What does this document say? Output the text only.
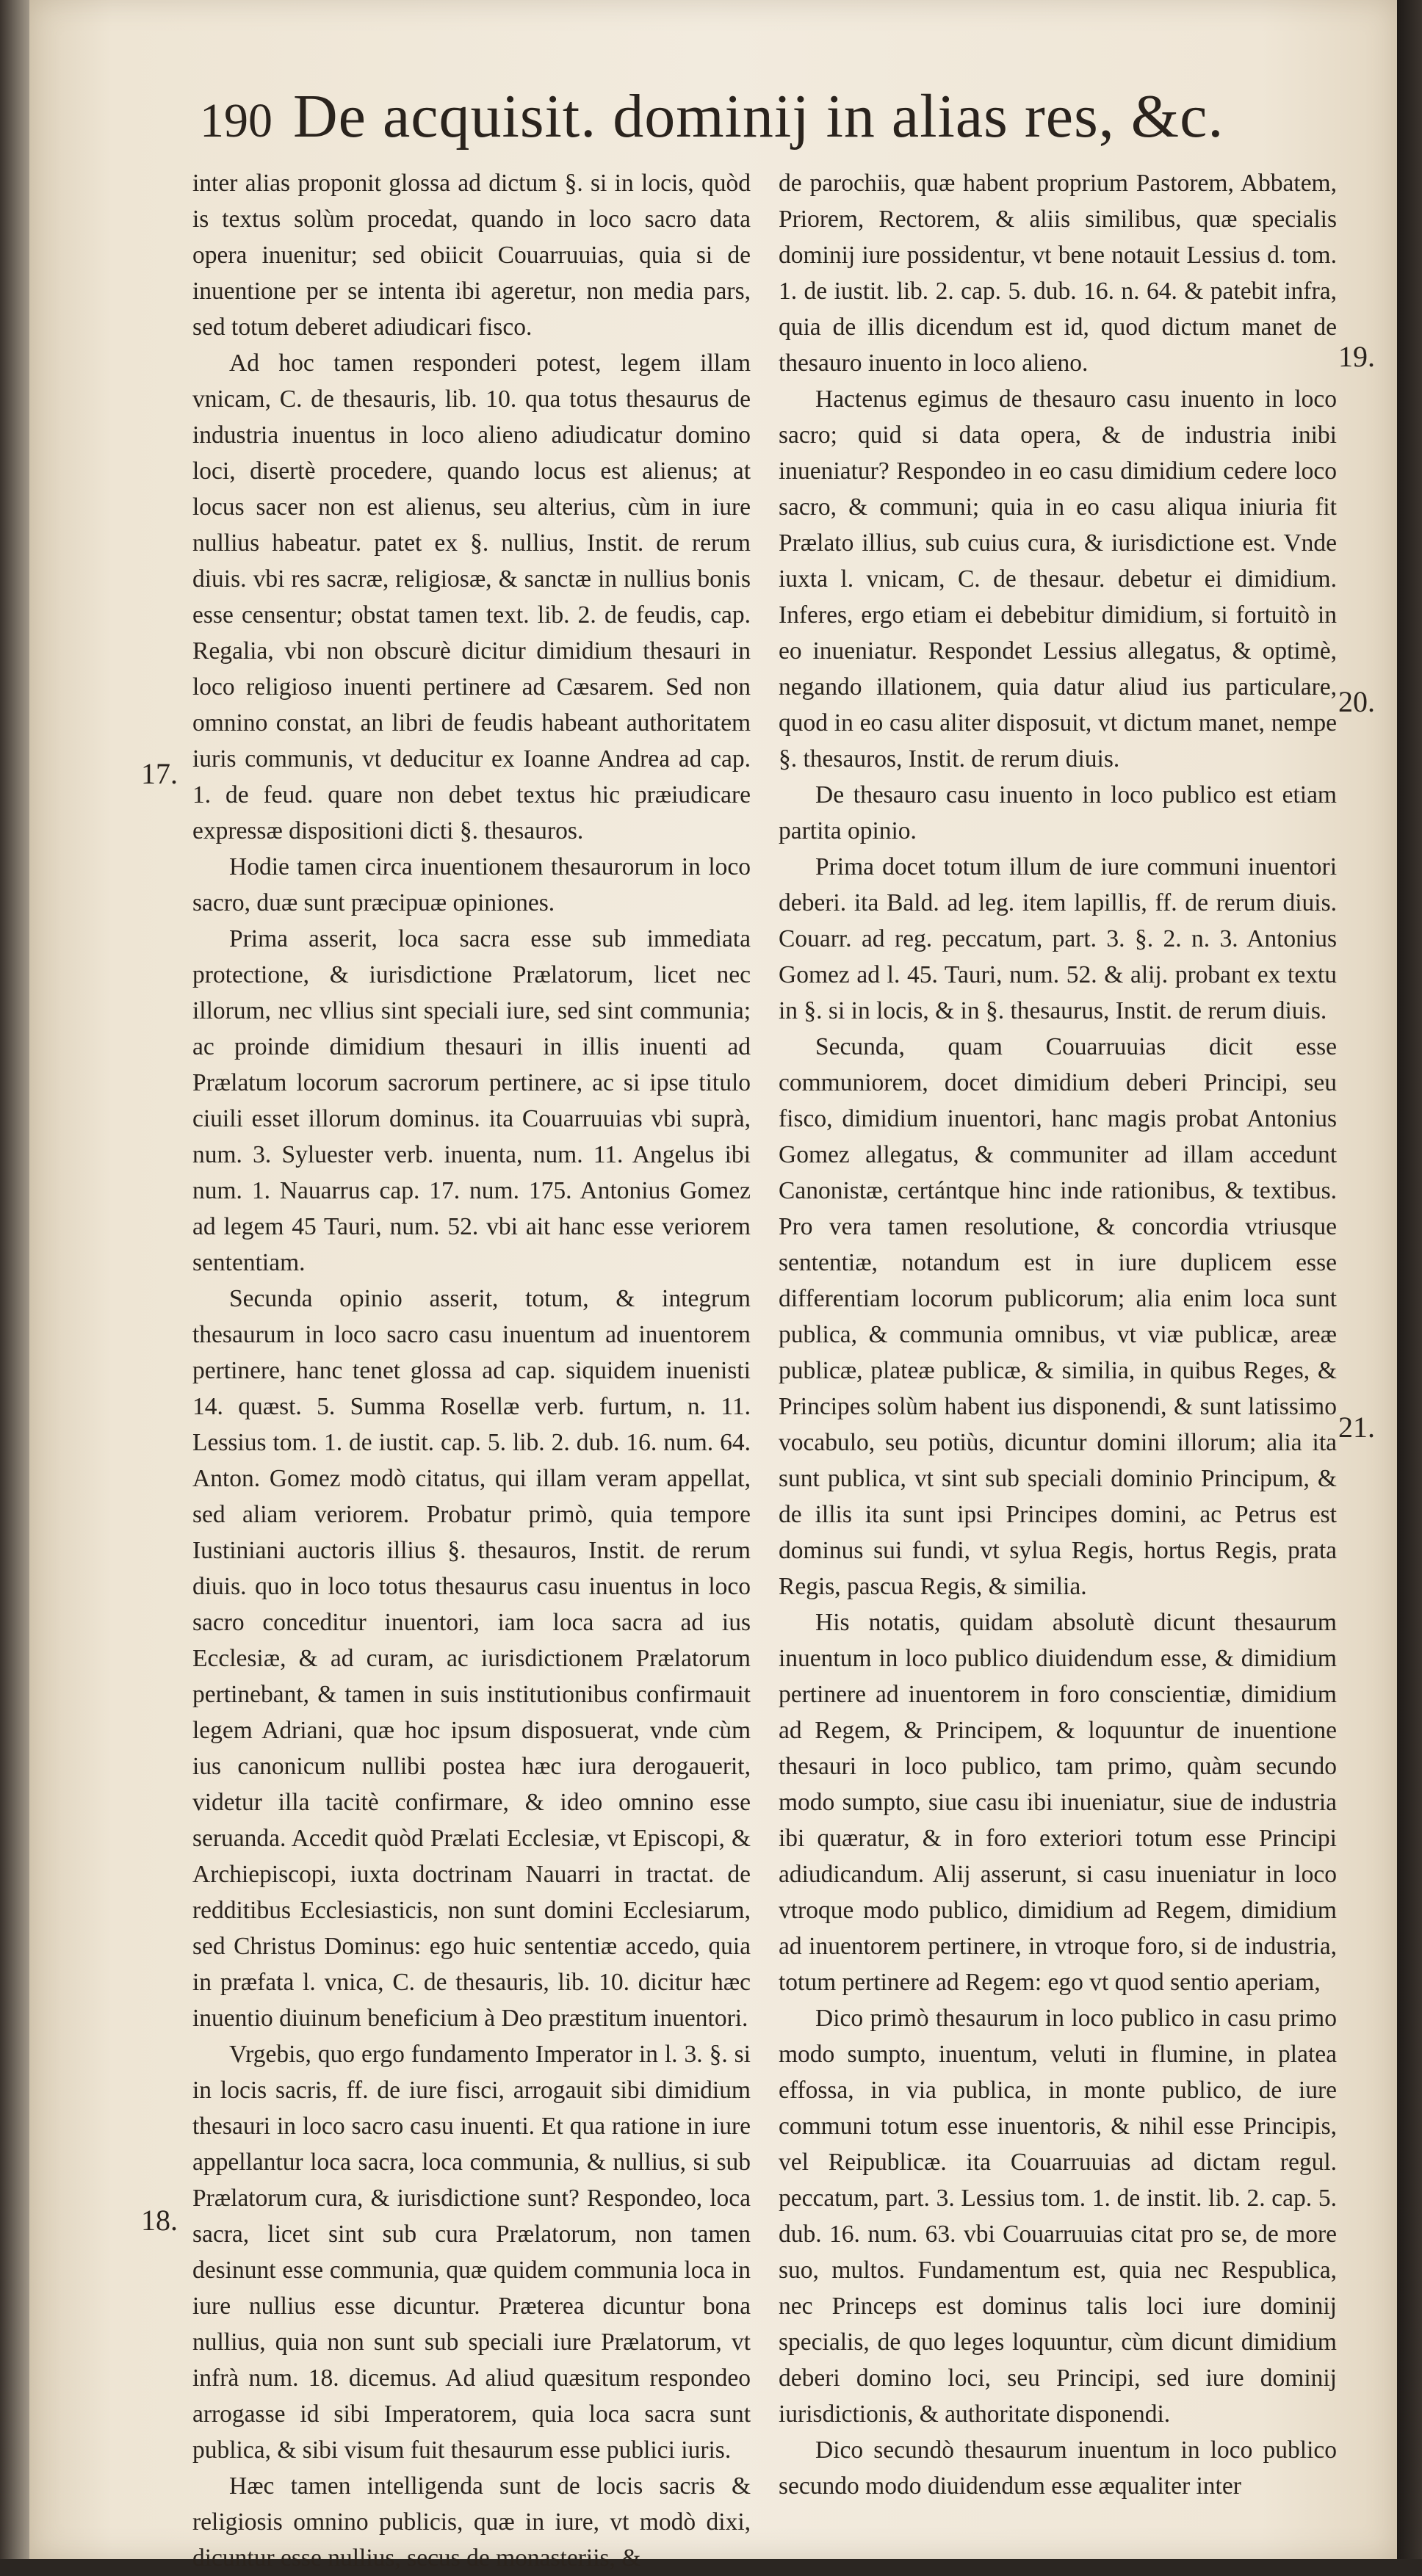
190 De acquisit. dominij in alias res, &c.

inter alias proponit glossa ad dictum §. si in locis, quòd is textus solùm procedat, quando in loco sacro data opera inuenitur; sed obiicit Couarruuias, quia si de inuentione per se intenta ibi ageretur, non media pars, sed totum deberet adiudicari fisco.

Ad hoc tamen responderi potest, legem illam vnicam, C. de thesauris, lib. 10. qua totus thesaurus de industria inuentus in loco alieno adiudicatur domino loci, disertè procedere, quando locus est alienus; at locus sacer non est alienus, seu alterius, cùm in iure nullius habeatur. patet ex §. nullius, Instit. de rerum diuis. vbi res sacræ, religiosæ, & sanctæ in nullius bonis esse censentur; obstat tamen text. lib. 2. de feudis, cap. Regalia, vbi non obscurè dicitur dimidium thesauri in loco religioso inuenti pertinere ad Cæsarem. Sed non omnino constat, an libri de feudis habeant authoritatem iuris communis, vt deducitur ex Ioanne Andrea ad cap. 1. de feud. quare non debet textus hic præiudicare expressæ dispositioni dicti §. thesauros.

Hodie tamen circa inuentionem thesaurorum in loco sacro, duæ sunt præcipuæ opiniones.

Prima asserit, loca sacra esse sub immediata protectione, & iurisdictione Prælatorum, licet nec illorum, nec vllius sint speciali iure, sed sint communia; ac proinde dimidium thesauri in illis inuenti ad Prælatum locorum sacrorum pertinere, ac si ipse titulo ciuili esset illorum dominus. ita Couarruuias vbi suprà, num. 3. Syluester verb. inuenta, num. 11. Angelus ibi num. 1. Nauarrus cap. 17. num. 175. Antonius Gomez ad legem 45 Tauri, num. 52. vbi ait hanc esse veriorem sententiam.

Secunda opinio asserit, totum, & integrum thesaurum in loco sacro casu inuentum ad inuentorem pertinere, hanc tenet glossa ad cap. siquidem inuenisti 14. quæst. 5. Summa Rosellæ verb. furtum, n. 11. Lessius tom. 1. de iustit. cap. 5. lib. 2. dub. 16. num. 64. Anton. Gomez modò citatus, qui illam veram appellat, sed aliam veriorem. Probatur primò, quia tempore Iustiniani auctoris illius §. thesauros, Instit. de rerum diuis. quo in loco totus thesaurus casu inuentus in loco sacro conceditur inuentori, iam loca sacra ad ius Ecclesiæ, & ad curam, ac iurisdictionem Prælatorum pertinebant, & tamen in suis institutionibus confirmauit legem Adriani, quæ hoc ipsum disposuerat, vnde cùm ius canonicum nullibi postea hæc iura derogauerit, videtur illa tacitè confirmare, & ideo omnino esse seruanda. Accedit quòd Prælati Ecclesiæ, vt Episcopi, & Archiepiscopi, iuxta doctrinam Nauarri in tractat. de redditibus Ecclesiasticis, non sunt domini Ecclesiarum, sed Christus Dominus: ego huic sententiæ accedo, quia in præfata l. vnica, C. de thesauris, lib. 10. dicitur hæc inuentio diuinum beneficium à Deo præstitum inuentori.

Vrgebis, quo ergo fundamento Imperator in l. 3. §. si in locis sacris, ff. de iure fisci, arrogauit sibi dimidium thesauri in loco sacro casu inuenti. Et qua ratione in iure appellantur loca sacra, loca communia, & nullius, si sub Prælatorum cura, & iurisdictione sunt? Respondeo, loca sacra, licet sint sub cura Prælatorum, non tamen desinunt esse communia, quæ quidem communia loca in iure nullius esse dicuntur. Præterea dicuntur bona nullius, quia non sunt sub speciali iure Prælatorum, vt infrà num. 18. dicemus. Ad aliud quæsitum respondeo arrogasse id sibi Imperatorem, quia loca sacra sunt publica, & sibi visum fuit thesaurum esse publici iuris.

Hæc tamen intelligenda sunt de locis sacris & religiosis omnino publicis, quæ in iure, vt modò dixi, dicuntur esse nullius, secus de monasteriis, &

de parochiis, quæ habent proprium Pastorem, Abbatem, Priorem, Rectorem, & aliis similibus, quæ specialis dominij iure possidentur, vt bene notauit Lessius d. tom. 1. de iustit. lib. 2. cap. 5. dub. 16. n. 64. & patebit infra, quia de illis dicendum est id, quod dictum manet de thesauro inuento in loco alieno.

Hactenus egimus de thesauro casu inuento in loco sacro; quid si data opera, & de industria inibi inueniatur? Respondeo in eo casu dimidium cedere loco sacro, & communi; quia in eo casu aliqua iniuria fit Prælato illius, sub cuius cura, & iurisdictione est. Vnde iuxta l. vnicam, C. de thesaur. debetur ei dimidium. Inferes, ergo etiam ei debebitur dimidium, si fortuitò in eo inueniatur. Respondet Lessius allegatus, & optimè, negando illationem, quia datur aliud ius particulare, quod in eo casu aliter disposuit, vt dictum manet, nempe §. thesauros, Instit. de rerum diuis.

De thesauro casu inuento in loco publico est etiam partita opinio.

Prima docet totum illum de iure communi inuentori deberi. ita Bald. ad leg. item lapillis, ff. de rerum diuis. Couarr. ad reg. peccatum, part. 3. §. 2. n. 3. Antonius Gomez ad l. 45. Tauri, num. 52. & alij. probant ex textu in §. si in locis, & in §. thesaurus, Instit. de rerum diuis.

Secunda, quam Couarruuias dicit esse communiorem, docet dimidium deberi Principi, seu fisco, dimidium inuentori, hanc magis probat Antonius Gomez allegatus, & communiter ad illam accedunt Canonistæ, certántque hinc inde rationibus, & textibus. Pro vera tamen resolutione, & concordia vtriusque sententiæ, notandum est in iure duplicem esse differentiam locorum publicorum; alia enim loca sunt publica, & communia omnibus, vt viæ publicæ, areæ publicæ, plateæ publicæ, & similia, in quibus Reges, & Principes solùm habent ius disponendi, & sunt latissimo vocabulo, seu potiùs, dicuntur domini illorum; alia ita sunt publica, vt sint sub speciali dominio Principum, & de illis ita sunt ipsi Principes domini, ac Petrus est dominus sui fundi, vt sylua Regis, hortus Regis, prata Regis, pascua Regis, & similia.

His notatis, quidam absolutè dicunt thesaurum inuentum in loco publico diuidendum esse, & dimidium pertinere ad inuentorem in foro conscientiæ, dimidium ad Regem, & Principem, & loquuntur de inuentione thesauri in loco publico, tam primo, quàm secundo modo sumpto, siue casu ibi inueniatur, siue de industria ibi quæratur, & in foro exteriori totum esse Principi adiudicandum. Alij asserunt, si casu inueniatur in loco vtroque modo publico, dimidium ad Regem, dimidium ad inuentorem pertinere, in vtroque foro, si de industria, totum pertinere ad Regem: ego vt quod sentio aperiam,

Dico primò thesaurum in loco publico in casu primo modo sumpto, inuentum, veluti in flumine, in platea effossa, in via publica, in monte publico, de iure communi totum esse inuentoris, & nihil esse Principis, vel Reipublicæ. ita Couarruuias ad dictam regul. peccatum, part. 3. Lessius tom. 1. de instit. lib. 2. cap. 5. dub. 16. num. 63. vbi Couarruuias citat pro se, de more suo, multos. Fundamentum est, quia nec Respublica, nec Princeps est dominus talis loci iure dominij specialis, de quo leges loquuntur, cùm dicunt dimidium deberi domino loci, seu Principi, sed iure dominij iurisdictionis, & authoritate disponendi.

Dico secundò thesaurum inuentum in loco publico secundo modo diuidendum esse æqualiter inter

17.
18.
19.
20.
21.
